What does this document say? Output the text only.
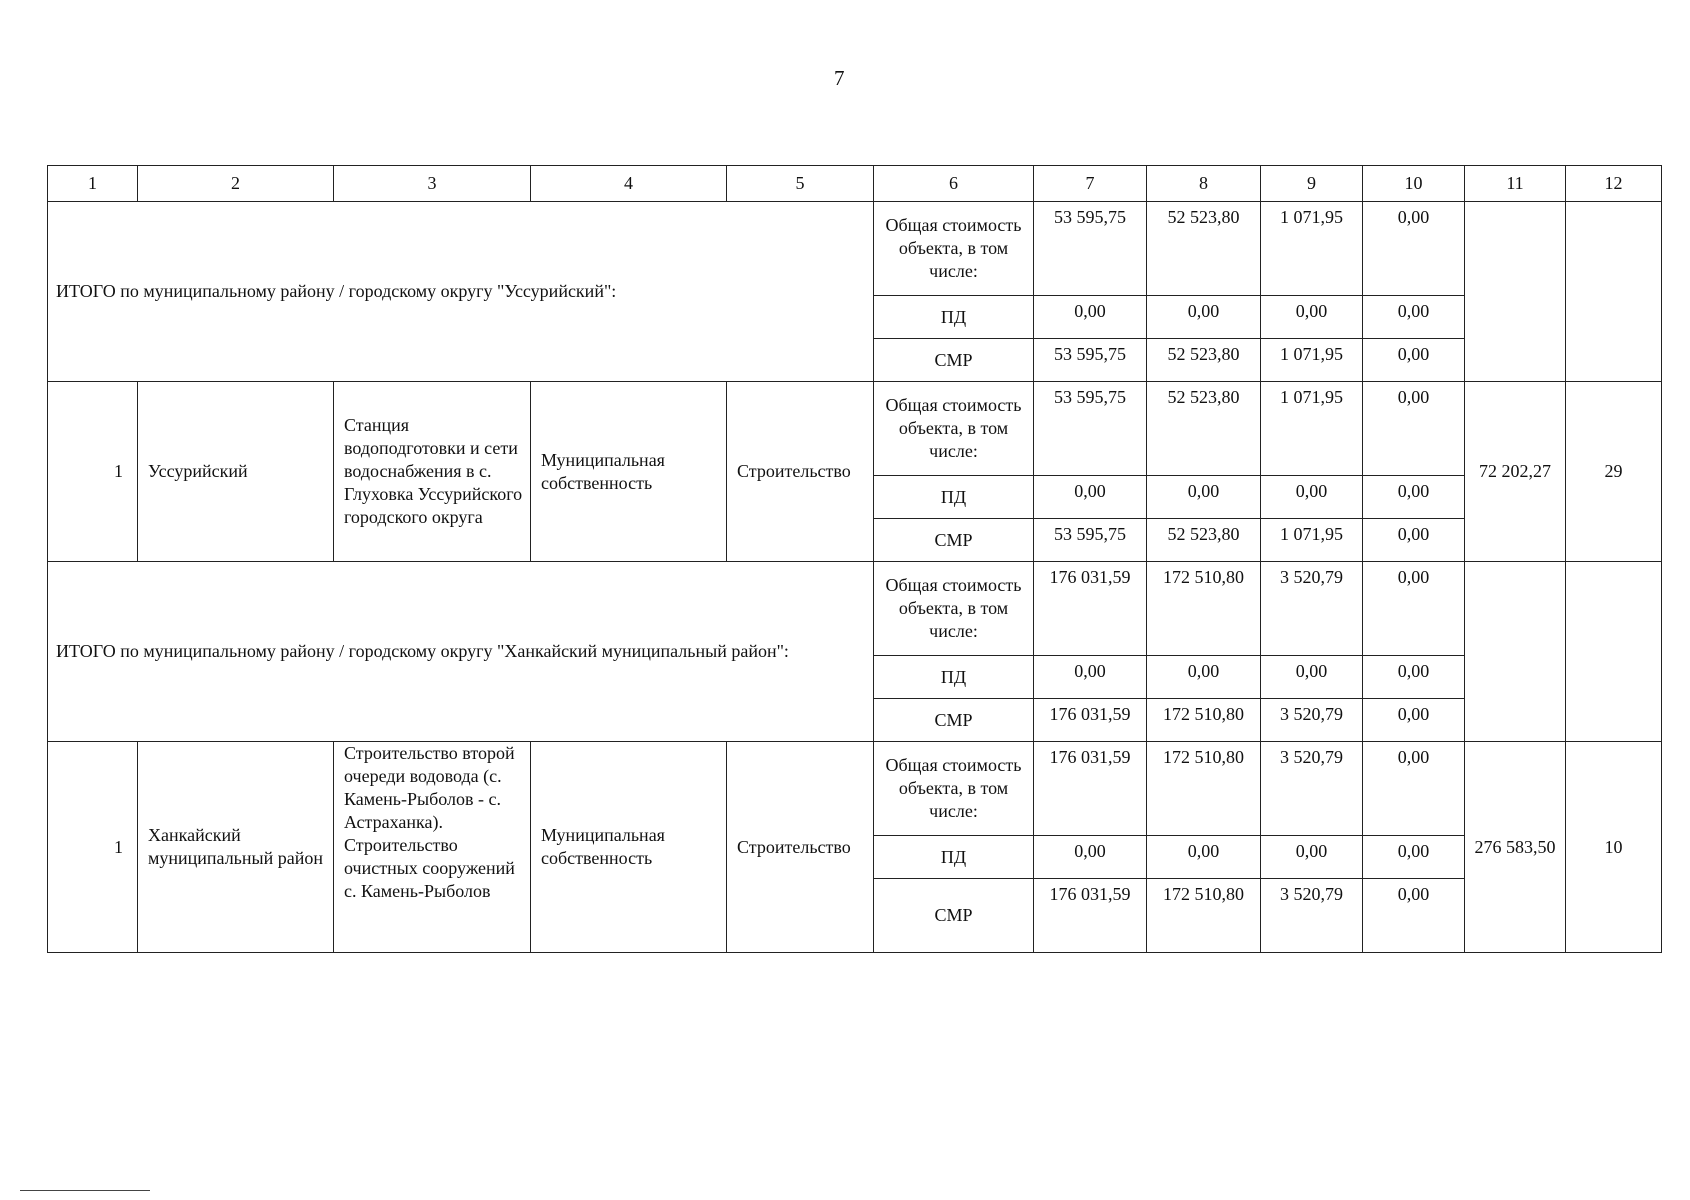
7
1	2	3	4	5	6	7	8	9	10	11	12
ИТОГО по муниципальному району / городскому округу "Уссурийский":					Общая стоимость объекта, в том числе:	53 595,75	52 523,80	1 071,95	0,00		
					ПД	0,00	0,00	0,00	0,00		
					СМР	53 595,75	52 523,80	1 071,95	0,00		
1	Уссурийский	Станция водоподготовки и сети водоснабжения в с. Глуховка Уссурийского городского округа	Муниципальная собственность	Строительство	Общая стоимость объекта, в том числе:	53 595,75	52 523,80	1 071,95	0,00	72 202,27	29
					ПД	0,00	0,00	0,00	0,00		
					СМР	53 595,75	52 523,80	1 071,95	0,00		
ИТОГО по муниципальному району / городскому округу "Ханкайский муниципальный район":					Общая стоимость объекта, в том числе:	176 031,59	172 510,80	3 520,79	0,00		
					ПД	0,00	0,00	0,00	0,00		
					СМР	176 031,59	172 510,80	3 520,79	0,00		
1	Ханкайский муниципальный район	Строительство второй очереди водовода (с. Камень-Рыболов - с. Астраханка). Строительство очистных сооружений с. Камень-Рыболов	Муниципальная собственность	Строительство	Общая стоимость объекта, в том числе:	176 031,59	172 510,80	3 520,79	0,00	276 583,50	10
					ПД	0,00	0,00	0,00	0,00		
					СМР	176 031,59	172 510,80	3 520,79	0,00		
